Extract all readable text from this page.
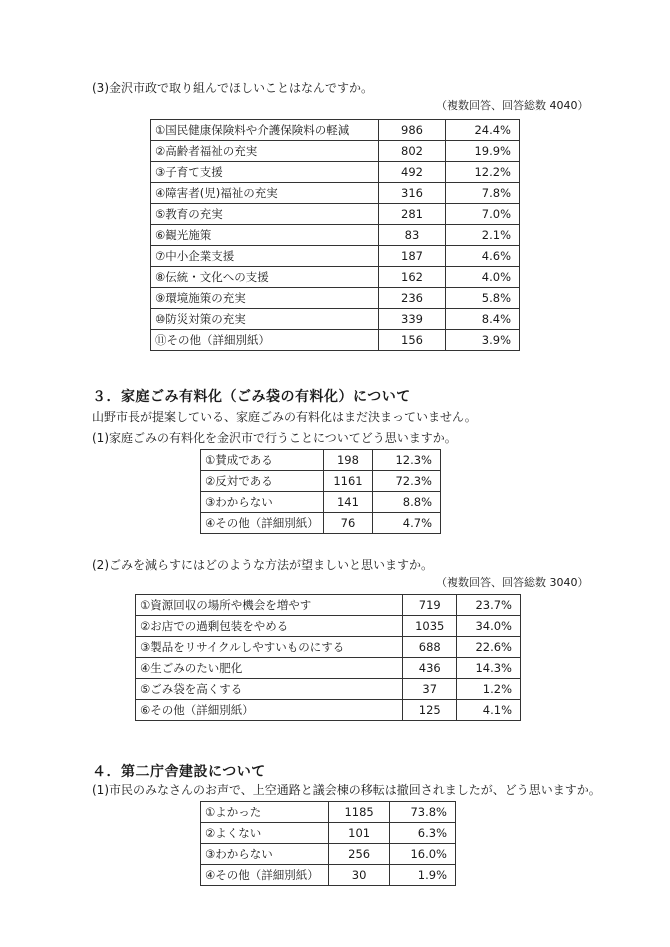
(3)金沢市政で取り組んでほしいことはなんですか。
（複数回答、回答総数 4040）
①国民健康保険料や介護保険料の軽減	986	24.4%
②高齢者福祉の充実	802	19.9%
③子育て支援	492	12.2%
④障害者(児)福祉の充実	316	7.8%
⑤教育の充実	281	7.0%
⑥観光施策	83	2.1%
⑦中小企業支援	187	4.6%
⑧伝統・文化への支援	162	4.0%
⑨環境施策の充実	236	5.8%
⑩防災対策の充実	339	8.4%
⑪その他（詳細別紙）	156	3.9%
３．家庭ごみ有料化（ごみ袋の有料化）について
山野市長が提案している、家庭ごみの有料化はまだ決まっていません。
(1)家庭ごみの有料化を金沢市で行うことについてどう思いますか。
①賛成である	198	12.3%
②反対である	1161	72.3%
③わからない	141	8.8%
④その他（詳細別紙）	76	4.7%
(2)ごみを減らすにはどのような方法が望ましいと思いますか。
（複数回答、回答総数 3040）
①資源回収の場所や機会を増やす	719	23.7%
②お店での過剰包装をやめる	1035	34.0%
③製品をリサイクルしやすいものにする	688	22.6%
④生ごみのたい肥化	436	14.3%
⑤ごみ袋を高くする	37	1.2%
⑥その他（詳細別紙）	125	4.1%
４．第二庁舎建設について
(1)市民のみなさんのお声で、上空通路と議会棟の移転は撤回されましたが、どう思いますか。
①よかった	1185	73.8%
②よくない	101	6.3%
③わからない	256	16.0%
④その他（詳細別紙）	30	1.9%
